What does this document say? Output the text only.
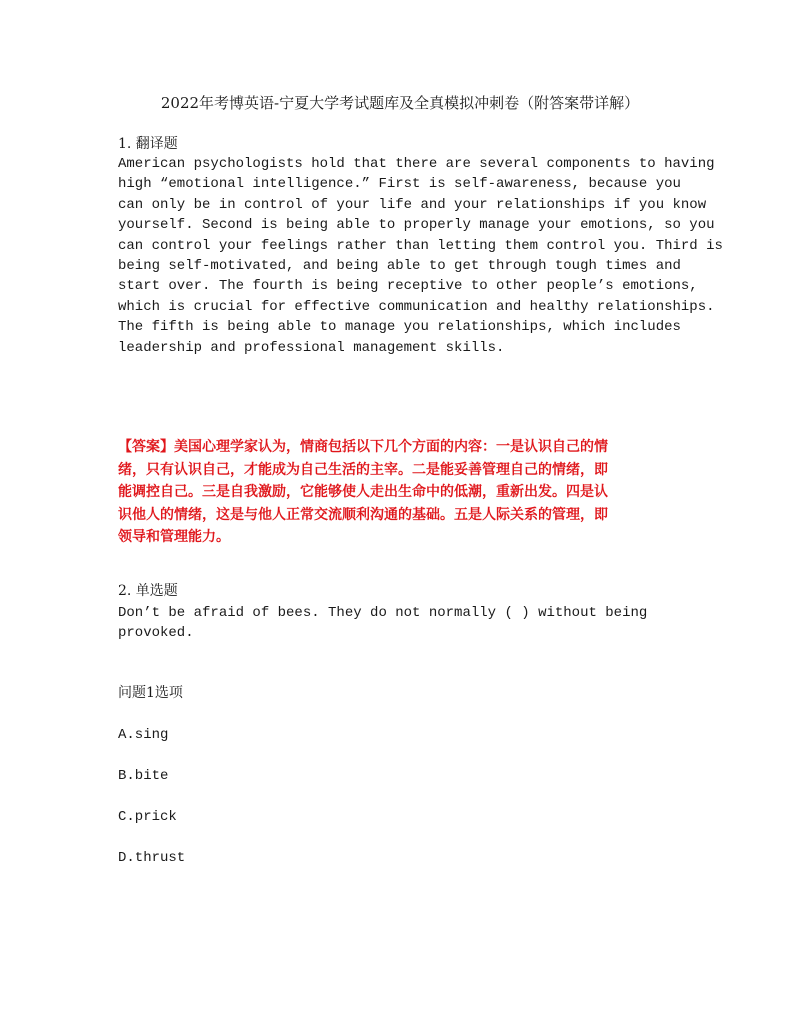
2022年考博英语-宁夏大学考试题库及全真模拟冲刺卷（附答案带详解）
1. 翻译题
American psychologists hold that there are several components to having
high “emotional intelligence.” First is self-awareness, because you
can only be in control of your life and your relationships if you know
yourself. Second is being able to properly manage your emotions, so you
can control your feelings rather than letting them control you. Third is
being self-motivated, and being able to get through tough times and
start over. The fourth is being receptive to other people’s emotions,
which is crucial for effective communication and healthy relationships.
The fifth is being able to manage you relationships, which includes
leadership and professional management skills.
【答案】美国心理学家认为，情商包括以下几个方面的内容：一是认识自己的情
绪，只有认识自己，才能成为自己生活的主宰。二是能妥善管理自己的情绪，即
能调控自己。三是自我激励，它能够使人走出生命中的低潮，重新出发。四是认
识他人的情绪，这是与他人正常交流顺利沟通的基础。五是人际关系的管理，即
领导和管理能力。
2. 单选题
Don’t be afraid of bees. They do not normally ( ) without being
provoked.
问题1选项
A.sing
B.bite
C.prick
D.thrust
